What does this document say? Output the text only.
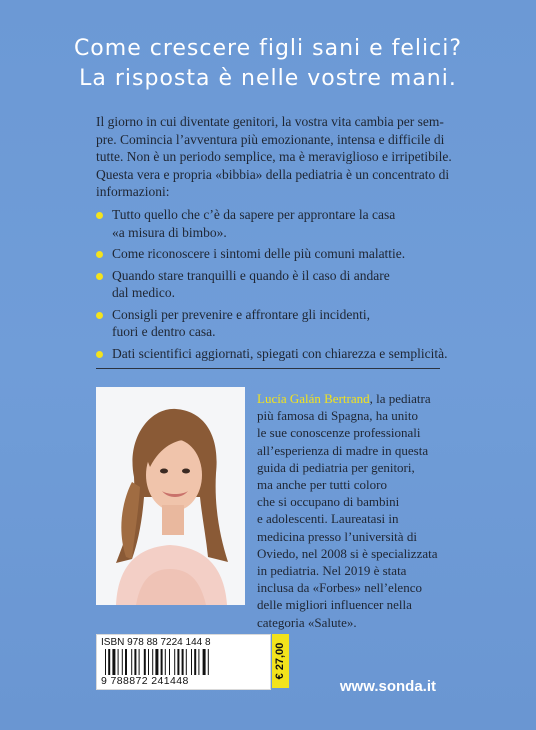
Come crescere figli sani e felici?
La risposta è nelle vostre mani.
Il giorno in cui diventate genitori, la vostra vita cambia per sem-
pre. Comincia l’avventura più emozionante, intensa e difficile di
tutte. Non è un periodo semplice, ma è meraviglioso e irripetibile.
Questa vera e propria «bibbia» della pediatria è un concentrato di
informazioni:
Tutto quello che c’è da sapere per approntare la casa
«a misura di bimbo».
Come riconoscere i sintomi delle più comuni malattie.
Quando stare tranquilli e quando è il caso di andare
dal medico.
Consigli per prevenire e affrontare gli incidenti,
fuori e dentro casa.
Dati scientifici aggiornati, spiegati con chiarezza e semplicità.
Lucía Galán Bertrand, la pediatra
più famosa di Spagna, ha unito
le sue conoscenze professionali
all’esperienza di madre in questa
guida di pediatria per genitori,
ma anche per tutti coloro
che si occupano di bambini
e adolescenti. Laureatasi in
medicina presso l’università di
Oviedo, nel 2008 si è specializzata
in pediatria. Nel 2019 è stata
inclusa da «Forbes» nell’elenco
delle migliori influencer nella
categoria «Salute».
ISBN 978 88 7224 144 8
9 788872 241448
€ 27,00
www.sonda.it
